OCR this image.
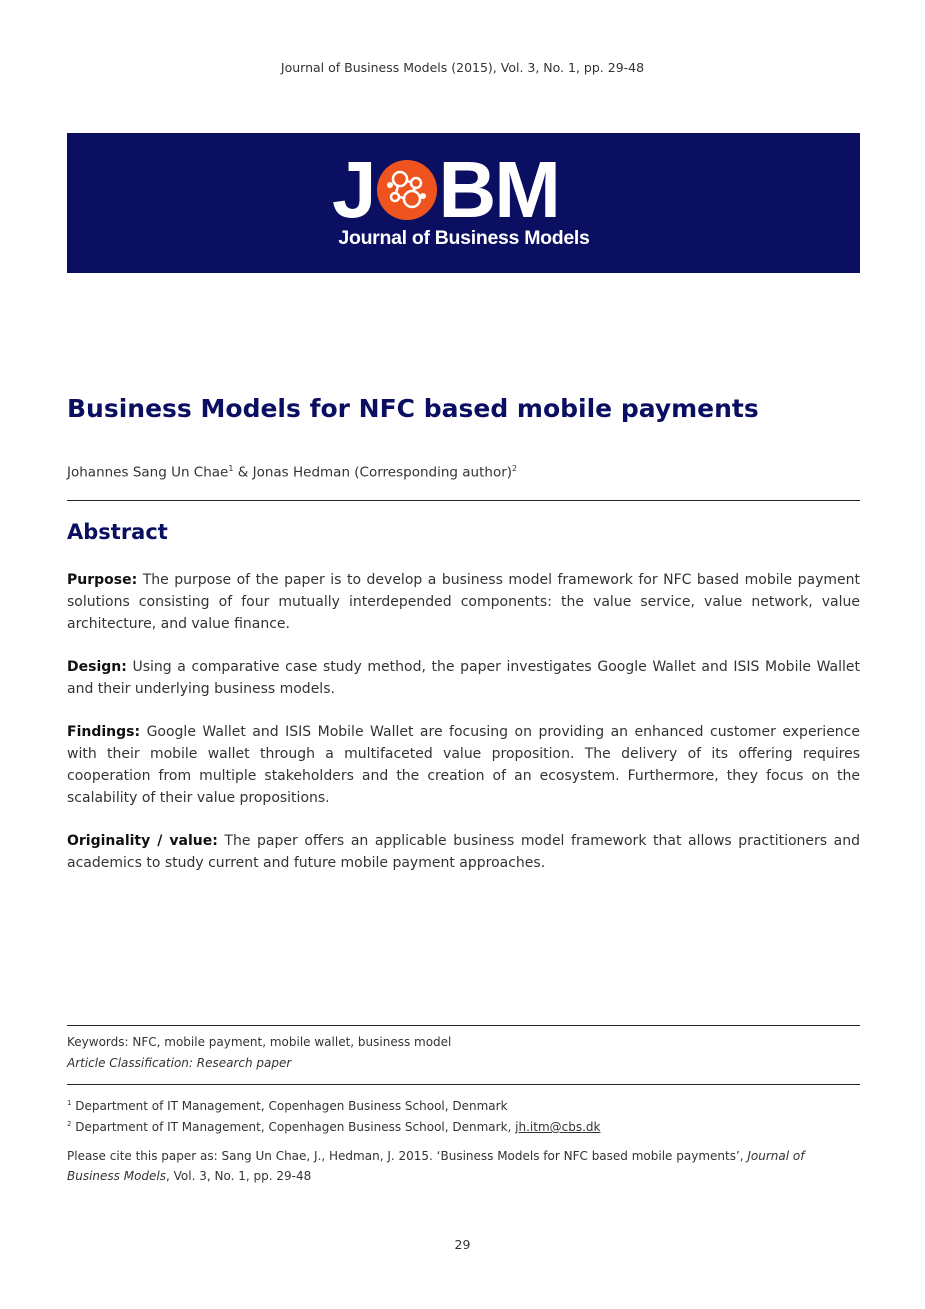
Journal of Business Models (2015), Vol. 3, No. 1, pp. 29-48
J BM
Journal of Business Models
Business Models for NFC based mobile payments
Johannes Sang Un Chae$^1$ & Jonas Hedman (Corresponding author)$^2$
Abstract

Purpose: The purpose of the paper is to develop a business model framework for NFC based mobile payment solutions consisting of four mutually interdepended components: the value service, value network, value architecture, and value finance.

Design: Using a comparative case study method, the paper investigates Google Wallet and ISIS Mobile Wallet and their underlying business models.

Findings: Google Wallet and ISIS Mobile Wallet are focusing on providing an enhanced customer experience with their mobile wallet through a multifaceted value proposition. The delivery of its offering requires cooperation from multiple stakeholders and the creation of an ecosystem. Furthermore, they focus on the scalability of their value propositions.

Originality / value: The paper offers an applicable business model framework that allows practitioners and academics to study current and future mobile payment approaches.

Keywords: NFC, mobile payment, mobile wallet, business model

Article Classification: Research paper

$^1$ Department of IT Management, Copenhagen Business School, Denmark

$^2$ Department of IT Management, Copenhagen Business School, Denmark, jh.itm@cbs.dk

Please cite this paper as: Sang Un Chae, J., Hedman, J. 2015. ‘Business Models for NFC based mobile payments’, Journal of Business Models, Vol. 3, No. 1, pp. 29-48

29
